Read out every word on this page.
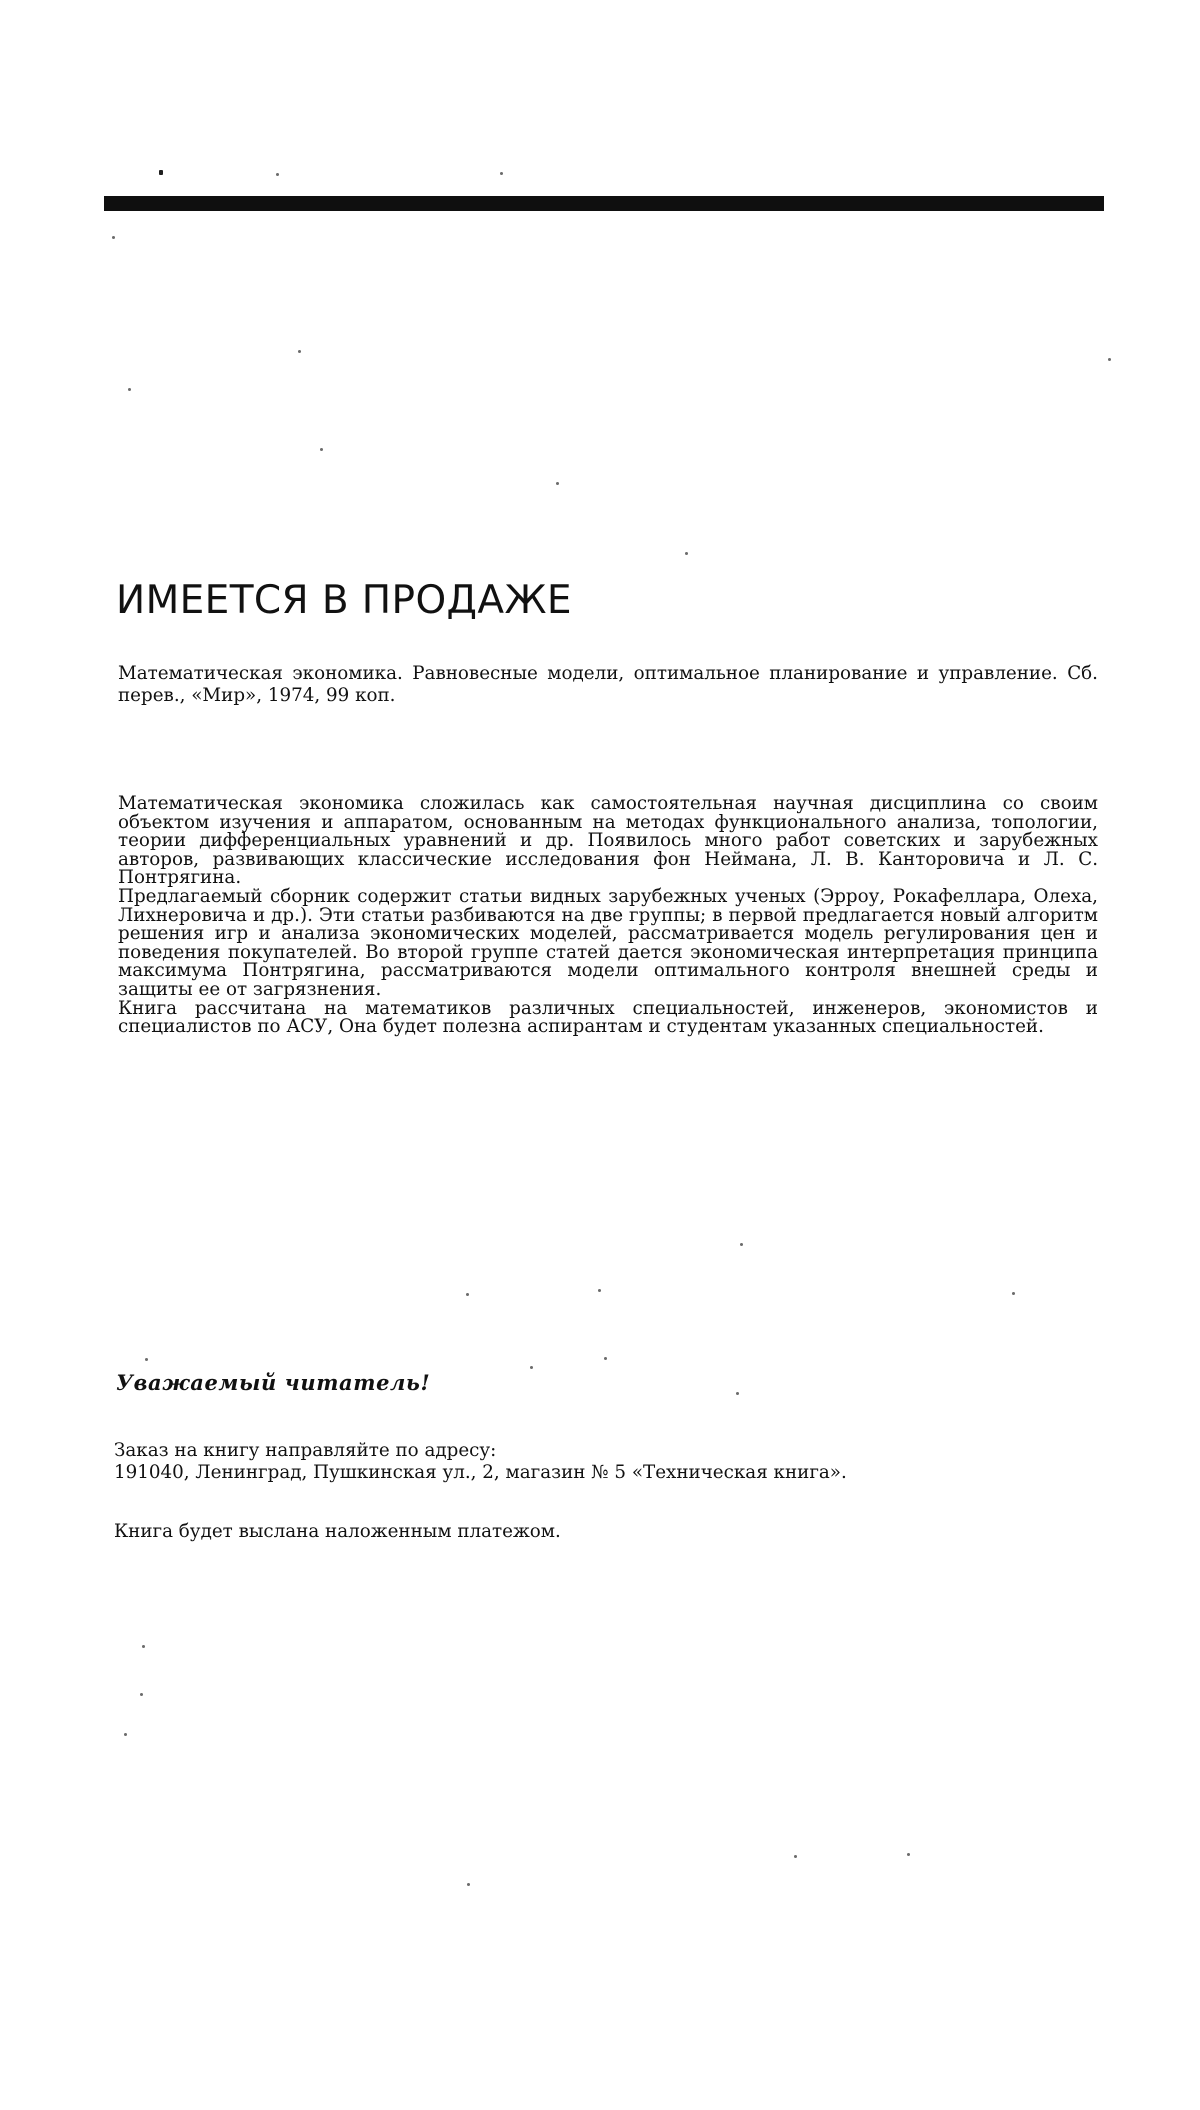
ИМЕЕТСЯ В ПРОДАЖЕ

Математическая экономика. Равновесные модели, оптимальное планирование и управление. Сб. перев., «Мир», 1974, 99 коп.

Математическая экономика сложилась как самостоятельная научная дисциплина со своим объектом изучения и аппаратом, основанным на методах функционального анализа, топологии, теории дифференциальных уравнений и др. Появилось много работ советских и зарубежных авторов, развивающих классические исследования фон Неймана, Л. В. Канторовича и Л. С. Понтрягина.

Предлагаемый сборник содержит статьи видных зарубежных ученых (Эрроу, Рокафеллара, Олеха, Лихнеровича и др.). Эти статьи разбиваются на две группы; в первой предлагается новый алгоритм решения игр и анализа экономических моделей, рассматривается модель регулирования цен и поведения покупателей. Во второй группе статей дается экономическая интерпретация принципа максимума Понтрягина, рассматриваются модели оптимального контроля внешней среды и защиты ее от загрязнения.

Книга рассчитана на математиков различных специальностей, инженеров, экономистов и специалистов по АСУ, Она будет полезна аспирантам и студентам указанных специальностей.

Уважаемый читатель!

Заказ на книгу направляйте по адресу:
191040, Ленинград, Пушкинская ул., 2, магазин № 5 «Техническая книга».

Книга будет выслана наложенным платежом.
